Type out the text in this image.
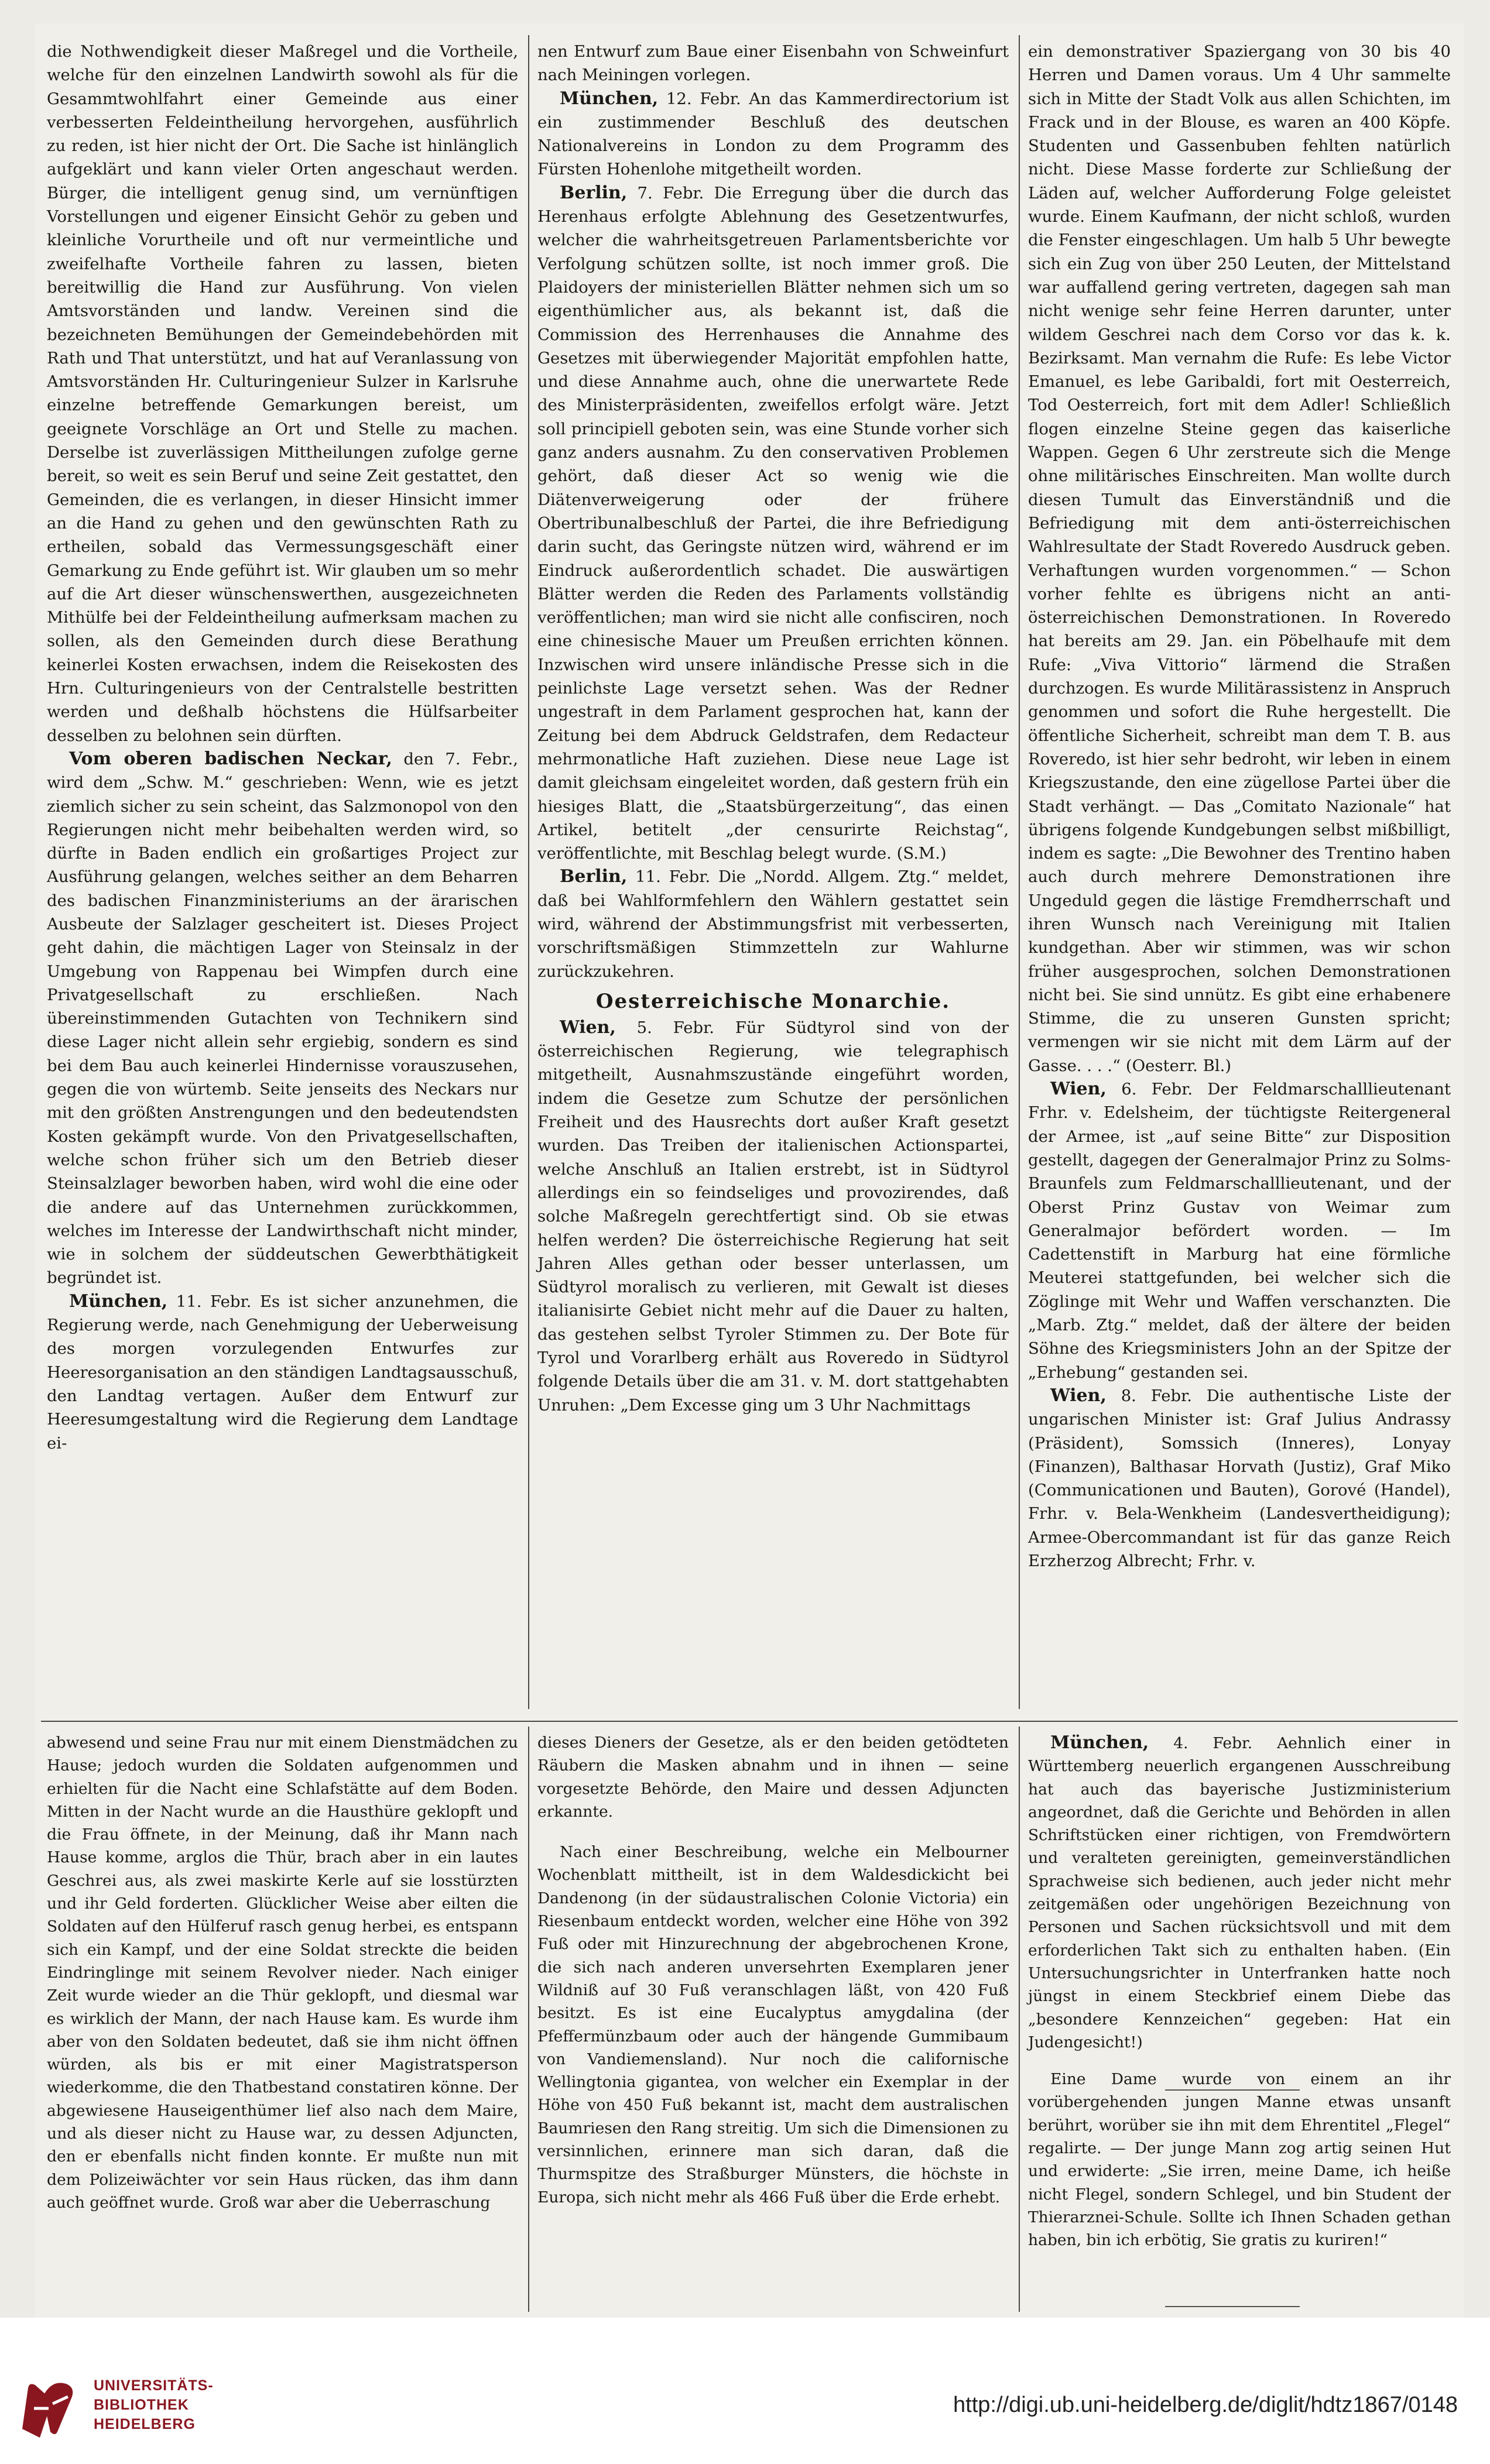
die Nothwendigkeit dieser Maßregel und die Vortheile, welche für den einzelnen Landwirth sowohl als für die Gesammtwohlfahrt einer Gemeinde aus einer verbesserten Feldeintheilung hervorgehen, ausführlich zu reden, ist hier nicht der Ort. Die Sache ist hinlänglich aufgeklärt und kann vieler Orten angeschaut werden. Bürger, die intelligent genug sind, um vernünftigen Vorstellungen und eigener Einsicht Gehör zu geben und kleinliche Vorurtheile und oft nur vermeintliche und zweifelhafte Vortheile fahren zu lassen, bieten bereitwillig die Hand zur Ausführung. Von vielen Amtsvorständen und landw. Vereinen sind die bezeichneten Bemühungen der Gemeindebehörden mit Rath und That unterstützt, und hat auf Veranlassung von Amtsvorständen Hr. Culturingenieur Sulzer in Karlsruhe einzelne betreffende Gemarkungen bereist, um geeignete Vorschläge an Ort und Stelle zu machen. Derselbe ist zuverlässigen Mittheilungen zufolge gerne bereit, so weit es sein Beruf und seine Zeit gestattet, den Gemeinden, die es verlangen, in dieser Hinsicht immer an die Hand zu gehen und den gewünschten Rath zu ertheilen, sobald das Vermessungsgeschäft einer Gemarkung zu Ende geführt ist. Wir glauben um so mehr auf die Art dieser wünschenswerthen, ausgezeichneten Mithülfe bei der Feldeintheilung aufmerksam machen zu sollen, als den Gemeinden durch diese Berathung keinerlei Kosten erwachsen, indem die Reisekosten des Hrn. Culturingenieurs von der Centralstelle bestritten werden und deßhalb höchstens die Hülfsarbeiter desselben zu belohnen sein dürften.

Vom oberen badischen Neckar, den 7. Febr., wird dem „Schw. M.“ geschrieben: Wenn, wie es jetzt ziemlich sicher zu sein scheint, das Salzmonopol von den Regierungen nicht mehr beibehalten werden wird, so dürfte in Baden endlich ein großartiges Project zur Ausführung gelangen, welches seither an dem Beharren des badischen Finanzministeriums an der ärarischen Ausbeute der Salzlager gescheitert ist. Dieses Project geht dahin, die mächtigen Lager von Steinsalz in der Umgebung von Rappenau bei Wimpfen durch eine Privatgesellschaft zu erschließen. Nach übereinstimmenden Gutachten von Technikern sind diese Lager nicht allein sehr ergiebig, sondern es sind bei dem Bau auch keinerlei Hindernisse vorauszusehen, gegen die von würtemb. Seite jenseits des Neckars nur mit den größten Anstrengungen und den bedeutendsten Kosten gekämpft wurde. Von den Privatgesellschaften, welche schon früher sich um den Betrieb dieser Steinsalzlager beworben haben, wird wohl die eine oder die andere auf das Unternehmen zurückkommen, welches im Interesse der Landwirthschaft nicht minder, wie in solchem der süddeutschen Gewerbthätigkeit begründet ist.

München, 11. Febr. Es ist sicher anzunehmen, die Regierung werde, nach Genehmigung der Ueberweisung des morgen vorzulegenden Entwurfes zur Heeresorganisation an den ständigen Landtagsausschuß, den Landtag vertagen. Außer dem Entwurf zur Heeresumgestaltung wird die Regierung dem Landtage ei-

nen Entwurf zum Baue einer Eisenbahn von Schweinfurt nach Meiningen vorlegen.

München, 12. Febr. An das Kammerdirectorium ist ein zustimmender Beschluß des deutschen Nationalvereins in London zu dem Programm des Fürsten Hohenlohe mitgetheilt worden.

Berlin, 7. Febr. Die Erregung über die durch das Herenhaus erfolgte Ablehnung des Gesetzentwurfes, welcher die wahrheitsgetreuen Parlamentsberichte vor Verfolgung schützen sollte, ist noch immer groß. Die Plaidoyers der ministeriellen Blätter nehmen sich um so eigenthümlicher aus, als bekannt ist, daß die Commission des Herrenhauses die Annahme des Gesetzes mit überwiegender Majorität empfohlen hatte, und diese Annahme auch, ohne die unerwartete Rede des Ministerpräsidenten, zweifellos erfolgt wäre. Jetzt soll principiell geboten sein, was eine Stunde vorher sich ganz anders ausnahm. Zu den conservativen Problemen gehört, daß dieser Act so wenig wie die Diätenverweigerung oder der frühere Obertribunalbeschluß der Partei, die ihre Befriedigung darin sucht, das Geringste nützen wird, während er im Eindruck außerordentlich schadet. Die auswärtigen Blätter werden die Reden des Parlaments vollständig veröffentlichen; man wird sie nicht alle confisciren, noch eine chinesische Mauer um Preußen errichten können. Inzwischen wird unsere inländische Presse sich in die peinlichste Lage versetzt sehen. Was der Redner ungestraft in dem Parlament gesprochen hat, kann der Zeitung bei dem Abdruck Geldstrafen, dem Redacteur mehrmonatliche Haft zuziehen. Diese neue Lage ist damit gleichsam eingeleitet worden, daß gestern früh ein hiesiges Blatt, die „Staatsbürgerzeitung“, das einen Artikel, betitelt „der censurirte Reichstag“, veröffentlichte, mit Beschlag belegt wurde. (S.M.)

Berlin, 11. Febr. Die „Nordd. Allgem. Ztg.“ meldet, daß bei Wahlformfehlern den Wählern gestattet sein wird, während der Abstimmungsfrist mit verbesserten, vorschriftsmäßigen Stimmzetteln zur Wahlurne zurückzukehren.

Oesterreichische Monarchie.

Wien, 5. Febr. Für Südtyrol sind von der österreichischen Regierung, wie telegraphisch mitgetheilt, Ausnahmszustände eingeführt worden, indem die Gesetze zum Schutze der persönlichen Freiheit und des Hausrechts dort außer Kraft gesetzt wurden. Das Treiben der italienischen Actionspartei, welche Anschluß an Italien erstrebt, ist in Südtyrol allerdings ein so feindseliges und provozirendes, daß solche Maßregeln gerechtfertigt sind. Ob sie etwas helfen werden? Die österreichische Regierung hat seit Jahren Alles gethan oder besser unterlassen, um Südtyrol moralisch zu verlieren, mit Gewalt ist dieses italianisirte Gebiet nicht mehr auf die Dauer zu halten, das gestehen selbst Tyroler Stimmen zu. Der Bote für Tyrol und Vorarlberg erhält aus Roveredo in Südtyrol folgende Details über die am 31. v. M. dort stattgehabten Unruhen: „Dem Excesse ging um 3 Uhr Nachmittags

ein demonstrativer Spaziergang von 30 bis 40 Herren und Damen voraus. Um 4 Uhr sammelte sich in Mitte der Stadt Volk aus allen Schichten, im Frack und in der Blouse, es waren an 400 Köpfe. Studenten und Gassenbuben fehlten natürlich nicht. Diese Masse forderte zur Schließung der Läden auf, welcher Aufforderung Folge geleistet wurde. Einem Kaufmann, der nicht schloß, wurden die Fenster eingeschlagen. Um halb 5 Uhr bewegte sich ein Zug von über 250 Leuten, der Mittelstand war auffallend gering vertreten, dagegen sah man nicht wenige sehr feine Herren darunter, unter wildem Geschrei nach dem Corso vor das k. k. Bezirksamt. Man vernahm die Rufe: Es lebe Victor Emanuel, es lebe Garibaldi, fort mit Oesterreich, Tod Oesterreich, fort mit dem Adler! Schließlich flogen einzelne Steine gegen das kaiserliche Wappen. Gegen 6 Uhr zerstreute sich die Menge ohne militärisches Einschreiten. Man wollte durch diesen Tumult das Einverständniß und die Befriedigung mit dem anti-österreichischen Wahlresultate der Stadt Roveredo Ausdruck geben. Verhaftungen wurden vorgenommen.“ — Schon vorher fehlte es übrigens nicht an anti-österreichischen Demonstrationen. In Roveredo hat bereits am 29. Jan. ein Pöbelhaufe mit dem Rufe: „Viva Vittorio“ lärmend die Straßen durchzogen. Es wurde Militärassistenz in Anspruch genommen und sofort die Ruhe hergestellt. Die öffentliche Sicherheit, schreibt man dem T. B. aus Roveredo, ist hier sehr bedroht, wir leben in einem Kriegszustande, den eine zügellose Partei über die Stadt verhängt. — Das „Comitato Nazionale“ hat übrigens folgende Kundgebungen selbst mißbilligt, indem es sagte: „Die Bewohner des Trentino haben auch durch mehrere Demonstrationen ihre Ungeduld gegen die lästige Fremdherrschaft und ihren Wunsch nach Vereinigung mit Italien kundgethan. Aber wir stimmen, was wir schon früher ausgesprochen, solchen Demonstrationen nicht bei. Sie sind unnütz. Es gibt eine erhabenere Stimme, die zu unseren Gunsten spricht; vermengen wir sie nicht mit dem Lärm auf der Gasse. . . .“ (Oesterr. Bl.)

Wien, 6. Febr. Der Feldmarschalllieutenant Frhr. v. Edelsheim, der tüchtigste Reitergeneral der Armee, ist „auf seine Bitte“ zur Disposition gestellt, dagegen der Generalmajor Prinz zu Solms-Braunfels zum Feldmarschalllieutenant, und der Oberst Prinz Gustav von Weimar zum Generalmajor befördert worden. — Im Cadettenstift in Marburg hat eine förmliche Meuterei stattgefunden, bei welcher sich die Zöglinge mit Wehr und Waffen verschanzten. Die „Marb. Ztg.“ meldet, daß der ältere der beiden Söhne des Kriegsministers John an der Spitze der „Erhebung“ gestanden sei.

Wien, 8. Febr. Die authentische Liste der ungarischen Minister ist: Graf Julius Andrassy (Präsident), Somssich (Inneres), Lonyay (Finanzen), Balthasar Horvath (Justiz), Graf Miko (Communicationen und Bauten), Gorové (Handel), Frhr. v. Bela-Wenkheim (Landesvertheidigung); Armee-Obercommandant ist für das ganze Reich Erzherzog Albrecht; Frhr. v.

abwesend und seine Frau nur mit einem Dienstmädchen zu Hause; jedoch wurden die Soldaten aufgenommen und erhielten für die Nacht eine Schlafstätte auf dem Boden. Mitten in der Nacht wurde an die Hausthüre geklopft und die Frau öffnete, in der Meinung, daß ihr Mann nach Hause komme, arglos die Thür, brach aber in ein lautes Geschrei aus, als zwei maskirte Kerle auf sie losstürzten und ihr Geld forderten. Glücklicher Weise aber eilten die Soldaten auf den Hülferuf rasch genug herbei, es entspann sich ein Kampf, und der eine Soldat streckte die beiden Eindringlinge mit seinem Revolver nieder. Nach einiger Zeit wurde wieder an die Thür geklopft, und diesmal war es wirklich der Mann, der nach Hause kam. Es wurde ihm aber von den Soldaten bedeutet, daß sie ihm nicht öffnen würden, als bis er mit einer Magistratsperson wiederkomme, die den Thatbestand constatiren könne. Der abgewiesene Hauseigenthümer lief also nach dem Maire, und als dieser nicht zu Hause war, zu dessen Adjuncten, den er ebenfalls nicht finden konnte. Er mußte nun mit dem Polizeiwächter vor sein Haus rücken, das ihm dann auch geöffnet wurde. Groß war aber die Ueberraschung

dieses Dieners der Gesetze, als er den beiden getödteten Räubern die Masken abnahm und in ihnen — seine vorgesetzte Behörde, den Maire und dessen Adjuncten erkannte.

Nach einer Beschreibung, welche ein Melbourner Wochenblatt mittheilt, ist in dem Waldesdickicht bei Dandenong (in der südaustralischen Colonie Victoria) ein Riesenbaum entdeckt worden, welcher eine Höhe von 392 Fuß oder mit Hinzurechnung der abgebrochenen Krone, die sich nach anderen unversehrten Exemplaren jener Wildniß auf 30 Fuß veranschlagen läßt, von 420 Fuß besitzt. Es ist eine Eucalyptus amygdalina (der Pfeffermünzbaum oder auch der hängende Gummibaum von Vandiemensland). Nur noch die californische Wellingtonia gigantea, von welcher ein Exemplar in der Höhe von 450 Fuß bekannt ist, macht dem australischen Baumriesen den Rang streitig. Um sich die Dimensionen zu versinnlichen, erinnere man sich daran, daß die Thurmspitze des Straßburger Münsters, die höchste in Europa, sich nicht mehr als 466 Fuß über die Erde erhebt.

München, 4. Febr. Aehnlich einer in Württemberg neuerlich ergangenen Ausschreibung hat auch das bayerische Justizministerium angeordnet, daß die Gerichte und Behörden in allen Schriftstücken einer richtigen, von Fremdwörtern und veralteten gereinigten, gemeinverständlichen Sprachweise sich bedienen, auch jeder nicht mehr zeitgemäßen oder ungehörigen Bezeichnung von Personen und Sachen rücksichtsvoll und mit dem erforderlichen Takt sich zu enthalten haben. (Ein Untersuchungsrichter in Unterfranken hatte noch jüngst in einem Steckbrief einem Diebe das „besondere Kennzeichen“ gegeben: Hat ein Judengesicht!)

Eine Dame wurde von einem an ihr vorübergehenden jungen Manne etwas unsanft berührt, worüber sie ihn mit dem Ehrentitel „Flegel“ regalirte. — Der junge Mann zog artig seinen Hut und erwiderte: „Sie irren, meine Dame, ich heiße nicht Flegel, sondern Schlegel, und bin Student der Thierarznei-Schule. Sollte ich Ihnen Schaden gethan haben, bin ich erbötig, Sie gratis zu kuriren!“

UNIVERSITÄTS-
BIBLIOTHEK
HEIDELBERG
http://digi.ub.uni-heidelberg.de/diglit/hdtz1867/0148
